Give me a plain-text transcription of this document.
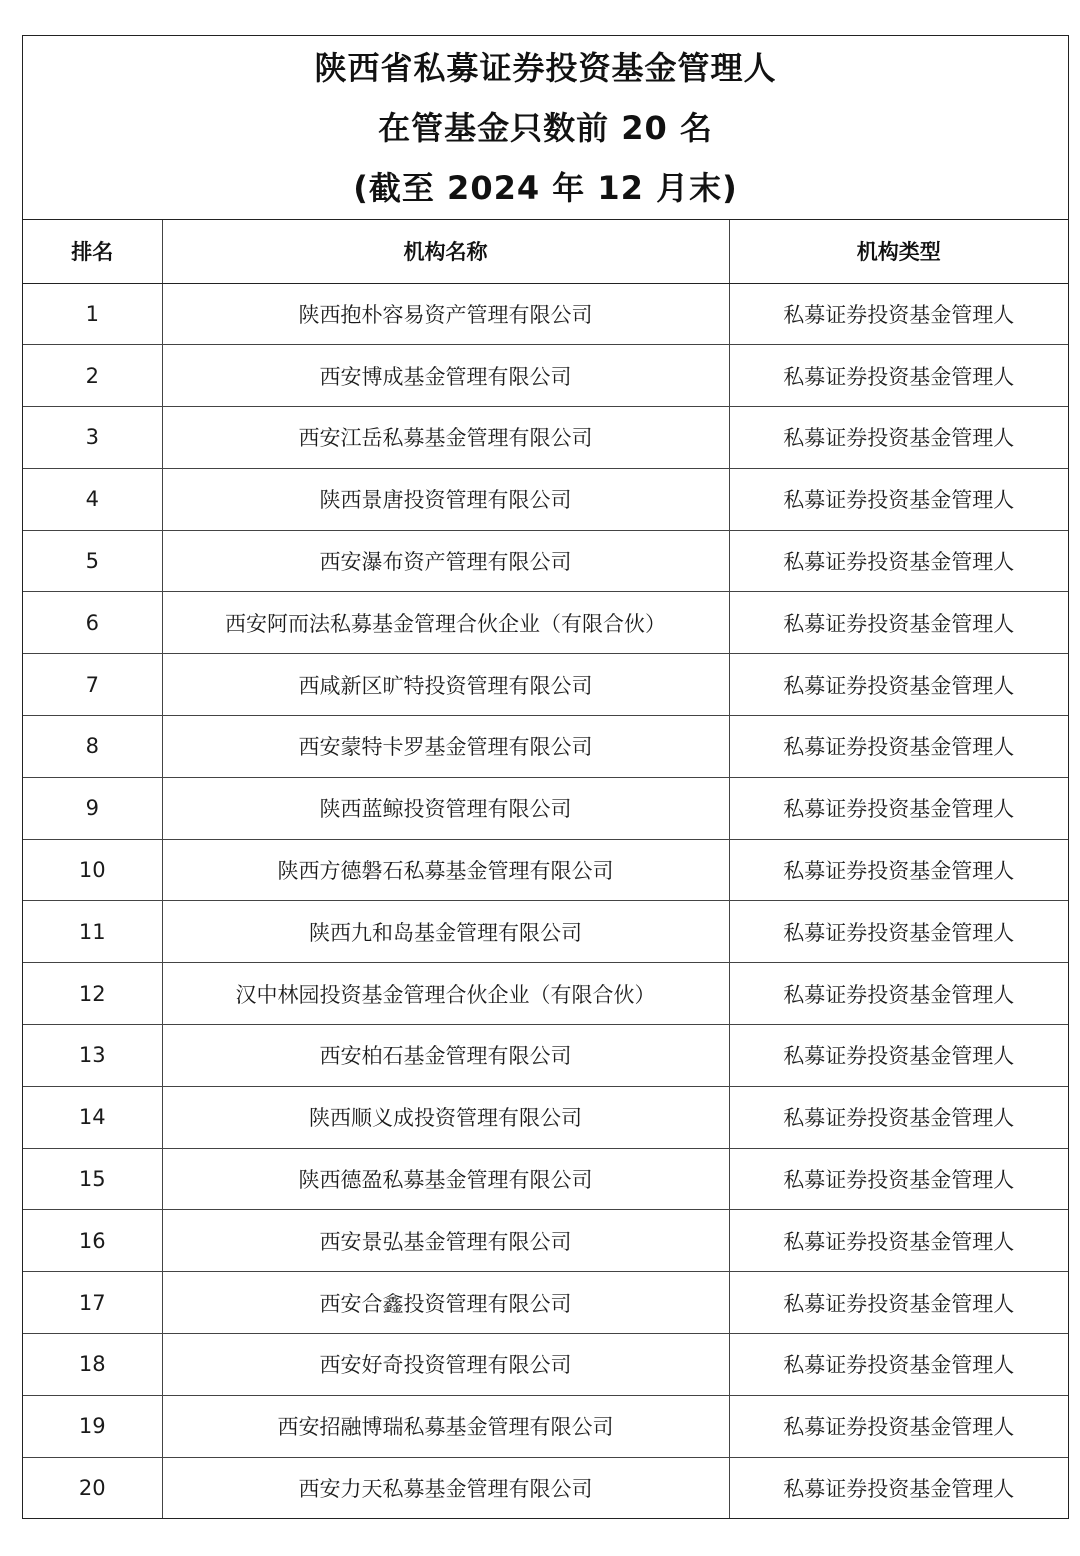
陕西省私募证券投资基金管理人
在管基金只数前 20 名
(截至 2024 年 12 月末)
排名	机构名称	机构类型
1	陕西抱朴容易资产管理有限公司	私募证券投资基金管理人
2	西安博成基金管理有限公司	私募证券投资基金管理人
3	西安江岳私募基金管理有限公司	私募证券投资基金管理人
4	陕西景唐投资管理有限公司	私募证券投资基金管理人
5	西安瀑布资产管理有限公司	私募证券投资基金管理人
6	西安阿而法私募基金管理合伙企业（有限合伙）	私募证券投资基金管理人
7	西咸新区旷特投资管理有限公司	私募证券投资基金管理人
8	西安蒙特卡罗基金管理有限公司	私募证券投资基金管理人
9	陕西蓝鲸投资管理有限公司	私募证券投资基金管理人
10	陕西方德磐石私募基金管理有限公司	私募证券投资基金管理人
11	陕西九和岛基金管理有限公司	私募证券投资基金管理人
12	汉中林园投资基金管理合伙企业（有限合伙）	私募证券投资基金管理人
13	西安柏石基金管理有限公司	私募证券投资基金管理人
14	陕西顺义成投资管理有限公司	私募证券投资基金管理人
15	陕西德盈私募基金管理有限公司	私募证券投资基金管理人
16	西安景弘基金管理有限公司	私募证券投资基金管理人
17	西安合鑫投资管理有限公司	私募证券投资基金管理人
18	西安好奇投资管理有限公司	私募证券投资基金管理人
19	西安招融博瑞私募基金管理有限公司	私募证券投资基金管理人
20	西安力天私募基金管理有限公司	私募证券投资基金管理人
